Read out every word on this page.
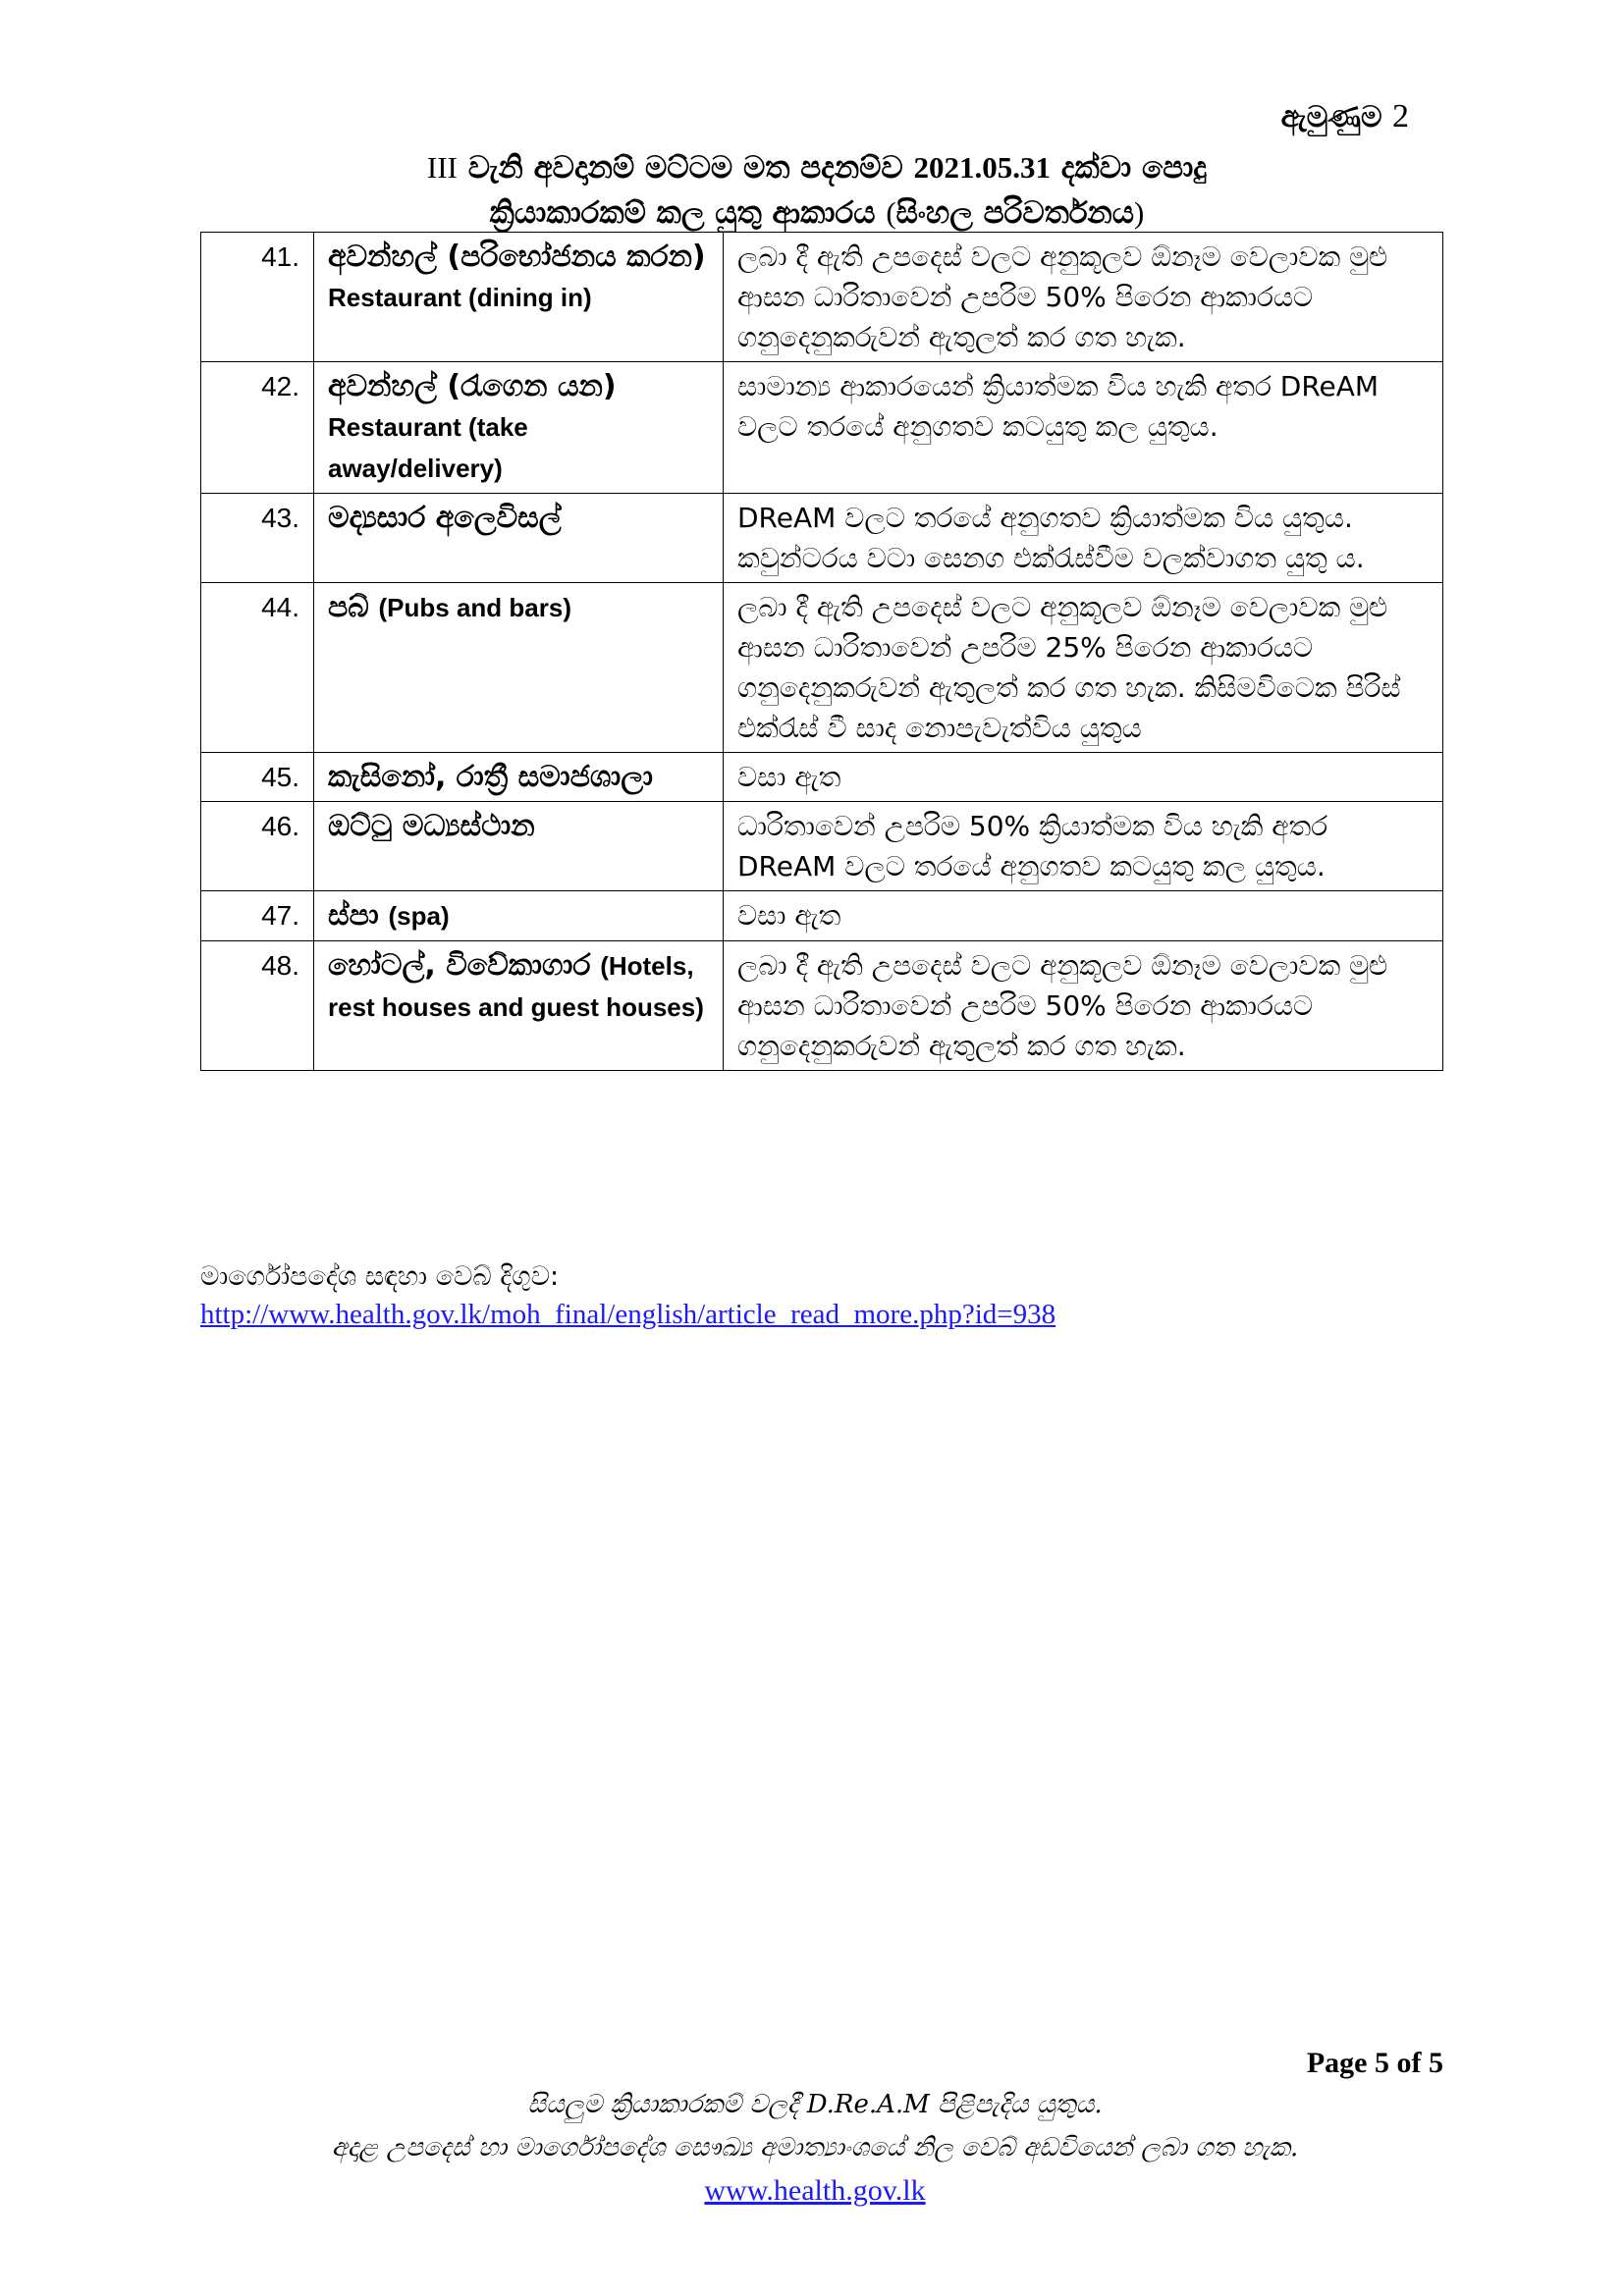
ඇමුණුම 2
III වැනි අවදානම් මට්ටම මත පදනම්ව 2021.05.31 දක්වා පොදු
ක්‍රියාකාරකම් කල යුතු ආකාරය (සිංහල පරිවර්තනය)
41.	අවන්හල් (පරිභෝජනය කරන) Restaurant (dining in)	ලබා දී ඇති උපදෙස් වලට අනුකූලව ඕනෑම වෙලාවක මුළු ආසන ධාරිතාවෙන් උපරිම 50% පිරෙන ආකාරයට ගනුදෙනුකරුවන් ඇතුලත් කර ගත හැක.
42.	අවන්හල් (රැගෙන යන) Restaurant (take away/delivery)	සාමාන්‍ය ආකාරයෙන් ක්‍රියාත්මක විය හැකි අතර DReAM වලට තරයේ අනුගතව කටයුතු කල යුතුය.
43.	මද්‍යසාර අලෙවිසල්	DReAM වලට තරයේ අනුගතව ක්‍රියාත්මක විය යුතුය. කවුන්ටරය වටා සෙනග එක්රැස්වීම වලක්වාගත යුතු ය.
44.	පබ් (Pubs and bars)	ලබා දී ඇති උපදෙස් වලට අනුකූලව ඕනෑම වෙලාවක මුළු ආසන ධාරිතාවෙන් උපරිම 25% පිරෙන ආකාරයට ගනුදෙනුකරුවන් ඇතුලත් කර ගත හැක. කිසිමවිටෙක පිරිස් එක්රැස් වී සාද නොපැවැත්විය යුතුය
45.	කැසිනෝ, රාත්‍රී සමාජශාලා	වසා ඇත
46.	ඔට්ටු මධ්‍යස්ථාන	ධාරිතාවෙන් උපරිම 50% ක්‍රියාත්මක විය හැකි අතර DReAM වලට තරයේ අනුගතව කටයුතු කල යුතුය.
47.	ස්පා (spa)	වසා ඇත
48.	හෝටල්, විවේකාගාර (Hotels, rest houses and guest houses)	ලබා දී ඇති උපදෙස් වලට අනුකූලව ඕනෑම වෙලාවක මුළු ආසන ධාරිතාවෙන් උපරිම 50% පිරෙන ආකාරයට ගනුදෙනුකරුවන් ඇතුලත් කර ගත හැක.
මාර්ගෝපදේශ සඳහා වෙබ් දිගුව:
http://www.health.gov.lk/moh_final/english/article_read_more.php?id=938
Page 5 of 5
සියලුම ක්‍රියාකාරකම් වලදී D.Re.A.M පිළිපැදිය යුතුය.
අදාළ උපදෙස් හා මාර්ගෝපදේශ සෞඛ්‍ය අමාත්‍යාංශයේ නිල වෙබ් අඩවියෙන් ලබා ගත හැක.
www.health.gov.lk
